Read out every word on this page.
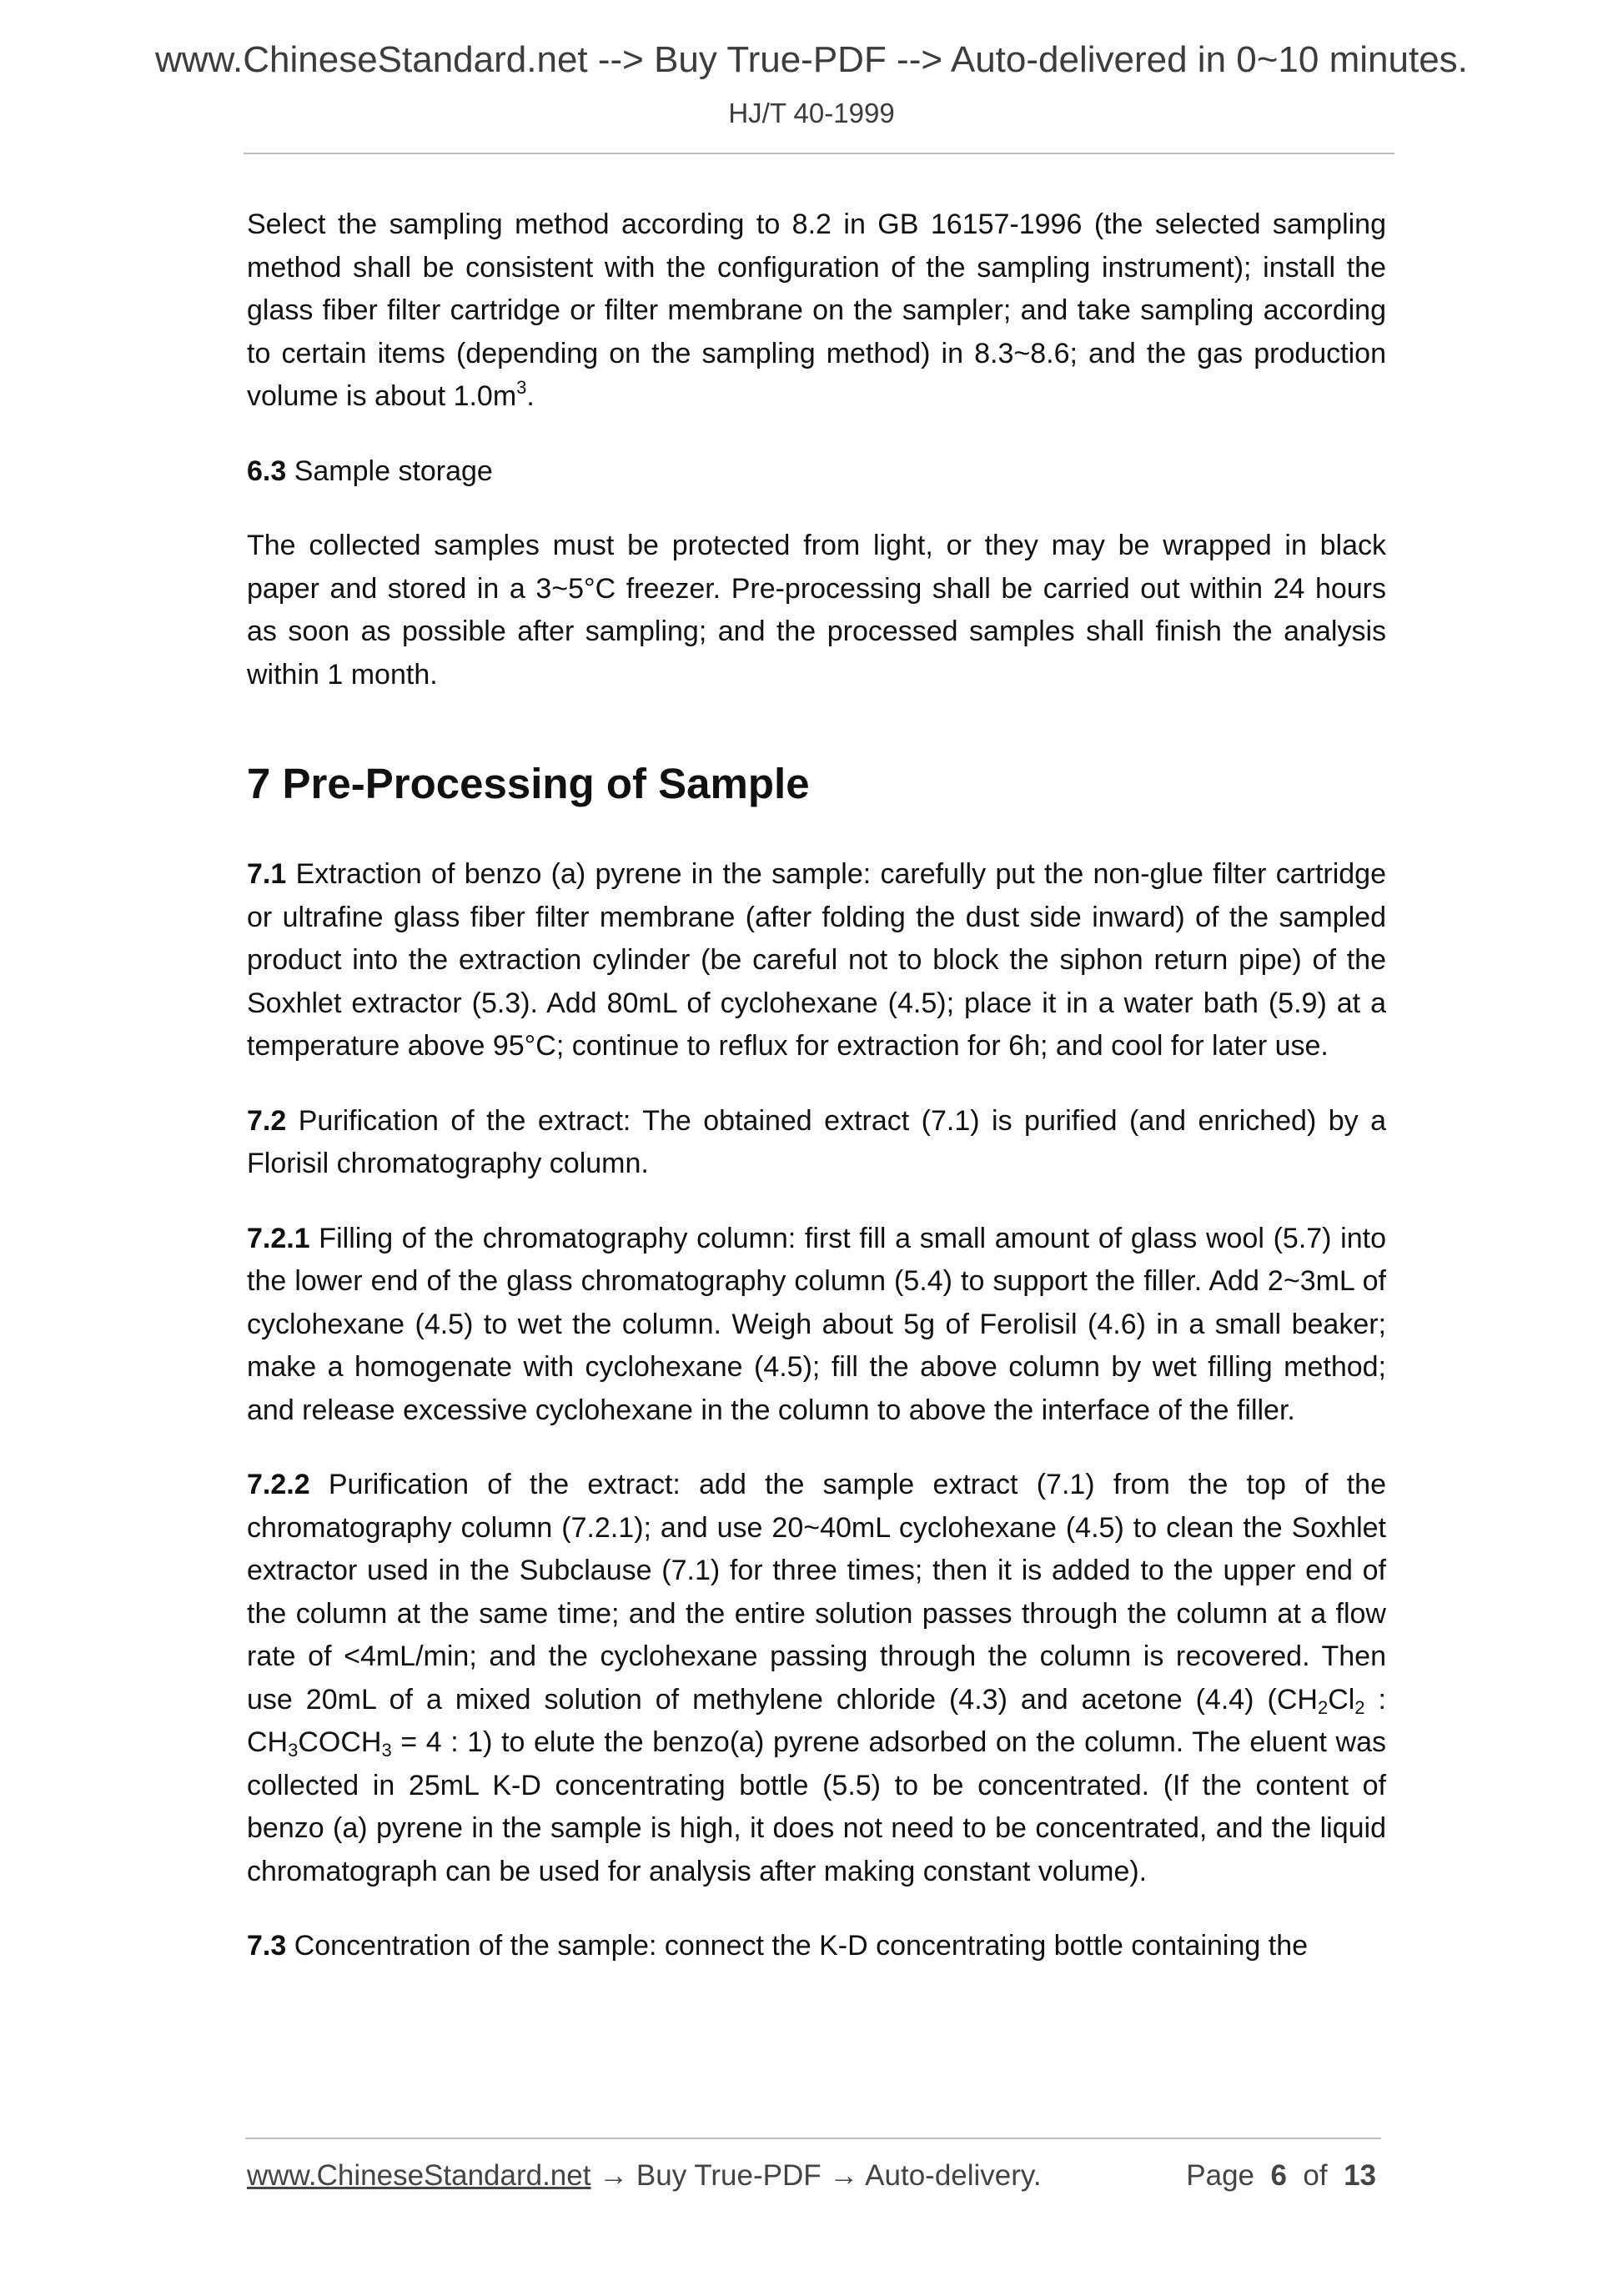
www.ChineseStandard.net --> Buy True-PDF --> Auto-delivered in 0~10 minutes.
HJ/T 40-1999

Select the sampling method according to 8.2 in GB 16157-1996 (the selected sampling method shall be consistent with the configuration of the sampling instrument); install the glass fiber filter cartridge or filter membrane on the sampler; and take sampling according to certain items (depending on the sampling method) in 8.3~8.6; and the gas production volume is about $1.0m^3$.

6.3 Sample storage

The collected samples must be protected from light, or they may be wrapped in black paper and stored in a 3~5°C freezer. Pre-processing shall be carried out within 24 hours as soon as possible after sampling; and the processed samples shall finish the analysis within 1 month.

7 Pre-Processing of Sample

7.1 Extraction of benzo (a) pyrene in the sample: carefully put the non-glue filter cartridge or ultrafine glass fiber filter membrane (after folding the dust side inward) of the sampled product into the extraction cylinder (be careful not to block the siphon return pipe) of the Soxhlet extractor (5.3). Add 80mL of cyclohexane (4.5); place it in a water bath (5.9) at a temperature above 95°C; continue to reflux for extraction for 6h; and cool for later use.

7.2 Purification of the extract: The obtained extract (7.1) is purified (and enriched) by a Florisil chromatography column.

7.2.1 Filling of the chromatography column: first fill a small amount of glass wool (5.7) into the lower end of the glass chromatography column (5.4) to support the filler. Add 2~3mL of cyclohexane (4.5) to wet the column. Weigh about 5g of Ferolisil (4.6) in a small beaker; make a homogenate with cyclohexane (4.5); fill the above column by wet filling method; and release excessive cyclohexane in the column to above the interface of the filler.

7.2.2 Purification of the extract: add the sample extract (7.1) from the top of the chromatography column (7.2.1); and use 20~40mL cyclohexane (4.5) to clean the Soxhlet extractor used in the Subclause (7.1) for three times; then it is added to the upper end of the column at the same time; and the entire solution passes through the column at a flow rate of <4mL/min; and the cyclohexane passing through the column is recovered. Then use 20mL of a mixed solution of methylene chloride (4.3) and acetone (4.4) ($CH_2Cl_2$ : $CH_3COCH_3 = 4$ : 1) to elute the benzo(a) pyrene adsorbed on the column. The eluent was collected in 25mL K-D concentrating bottle (5.5) to be concentrated. (If the content of benzo (a) pyrene in the sample is high, it does not need to be concentrated, and the liquid chromatograph can be used for analysis after making constant volume).

7.3 Concentration of the sample: connect the K-D concentrating bottle containing the

www.ChineseStandard.net → Buy True-PDF → Auto-delivery.	Page 6 of 13
